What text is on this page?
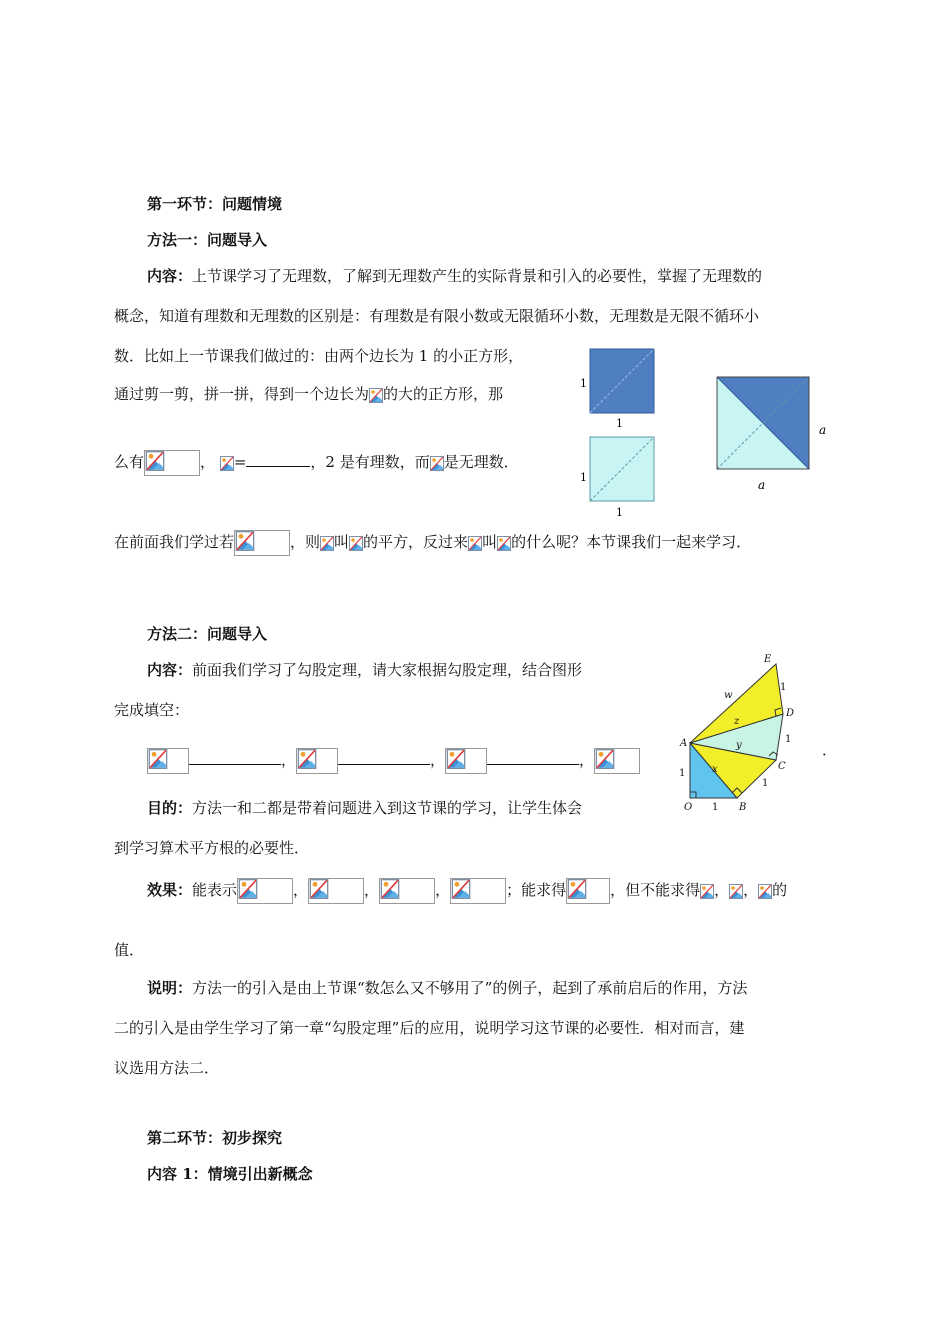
第一环节：问题情境
方法一：问题导入
内容：上节课学习了无理数，了解到无理数产生的实际背景和引入的必要性，掌握了无理数的
概念，知道有理数和无理数的区别是：有理数是有限小数或无限循环小数，无理数是无限不循环小
数．比如上一节课我们做过的：由两个边长为 1 的小正方形，
通过剪一剪，拼一拼，得到一个边长为 的大的正方形，那
么有	， =	，2 是有理数，而 是无理数．
在前面我们学过若	，则 叫 的平方，反过来 叫 的什么呢？本节课我们一起来学习．
1
1
1
1
a
a
方法二：问题导入
内容：前面我们学习了勾股定理，请大家根据勾股定理，结合图形
完成填空：
，	，	，
．
E
D
C
B
A
O
w
z
y
x
1
1
1
1
1
目的：方法一和二都是带着问题进入到这节课的学习，让学生体会
到学习算术平方根的必要性．
效果：能表示	，	，	，	；能求得	，但不能求得 ， ， 的
值．
说明：方法一的引入是由上节课“数怎么又不够用了”的例子，起到了承前启后的作用，方法
二的引入是由学生学习了第一章“勾股定理”后的应用，说明学习这节课的必要性．相对而言，建
议选用方法二．
第二环节：初步探究
内容 1：情境引出新概念
